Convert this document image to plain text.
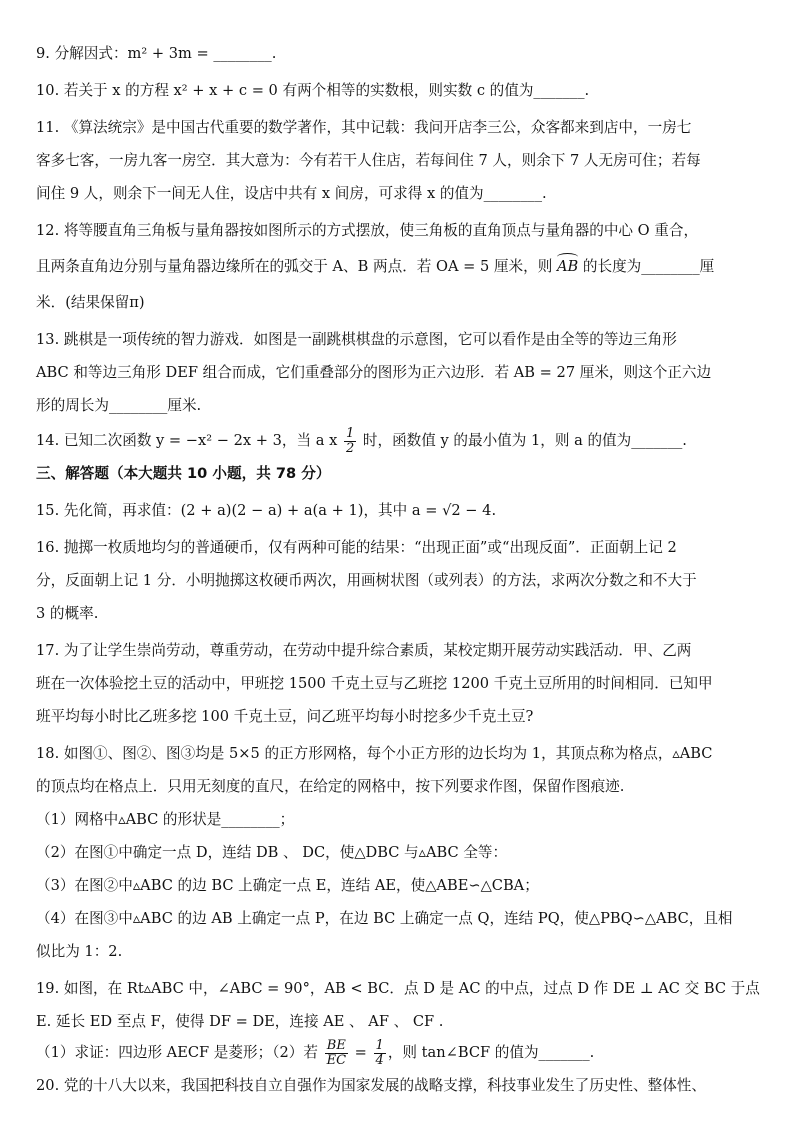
9. 分解因式：m² + 3m = ________.

10. 若关于 x 的方程 x² + x + c = 0 有两个相等的实数根，则实数 c 的值为_______.

11. 《算法统宗》是中国古代重要的数学著作，其中记载：我问开店李三公，众客都来到店中，一房七

客多七客，一房九客一房空．其大意为：今有若干人住店，若每间住 7 人，则余下 7 人无房可住；若每

间住 9 人，则余下一间无人住，设店中共有 x 间房，可求得 x 的值为________.

12. 将等腰直角三角板与量角器按如图所示的方式摆放，使三角板的直角顶点与量角器的中心 O 重合，

且两条直角边分别与量角器边缘所在的弧交于 A、B 两点．若 OA = 5 厘米，则 AB 的长度为________厘

米．(结果保留π)

13. 跳棋是一项传统的智力游戏．如图是一副跳棋棋盘的示意图，它可以看作是由全等的等边三角形

ABC 和等边三角形 DEF 组合而成，它们重叠部分的图形为正六边形．若 AB = 27 厘米，则这个正六边

形的周长为________厘米.

14. 已知二次函数 y = −x² − 2x + 3，当 a x $\frac{1}{2}$ 时，函数值 y 的最小值为 1，则 a 的值为_______.

三、解答题（本大题共 10 小题，共 78 分）

15. 先化简，再求值：(2 + a)(2 − a) + a(a + 1)，其中 a = √2 − 4.

16. 抛掷一枚质地均匀的普通硬币，仅有两种可能的结果：“出现正面”或“出现反面”．正面朝上记 2

分，反面朝上记 1 分．小明抛掷这枚硬币两次，用画树状图（或列表）的方法，求两次分数之和不大于

3 的概率.

17. 为了让学生崇尚劳动，尊重劳动，在劳动中提升综合素质，某校定期开展劳动实践活动．甲、乙两

班在一次体验挖土豆的活动中，甲班挖 1500 千克土豆与乙班挖 1200 千克土豆所用的时间相同．已知甲

班平均每小时比乙班多挖 100 千克土豆，问乙班平均每小时挖多少千克土豆?

18. 如图①、图②、图③均是 5×5 的正方形网格，每个小正方形的边长均为 1，其顶点称为格点，▵ABC

的顶点均在格点上．只用无刻度的直尺，在给定的网格中，按下列要求作图，保留作图痕迹.

（1）网格中▵ABC 的形状是________；

（2）在图①中确定一点 D，连结 DB 、 DC，使△DBC 与▵ABC 全等：

（3）在图②中▵ABC 的边 BC 上确定一点 E，连结 AE，使△ABE∽△CBA；

（4）在图③中▵ABC 的边 AB 上确定一点 P，在边 BC 上确定一点 Q，连结 PQ，使△PBQ∽△ABC，且相

似比为 1：2.

19. 如图，在 Rt▵ABC 中，∠ABC = 90°，AB < BC．点 D 是 AC 的中点，过点 D 作 DE ⊥ AC 交 BC 于点

E. 延长 ED 至点 F，使得 DF = DE，连接 AE 、 AF 、 CF .

（1）求证：四边形 AECF 是菱形；（2）若 $\frac{BE}{EC} = \frac{1}{4}$ ，则 tan∠BCF 的值为_______.

20. 党的十八大以来，我国把科技自立自强作为国家发展的战略支撑，科技事业发生了历史性、整体性、
